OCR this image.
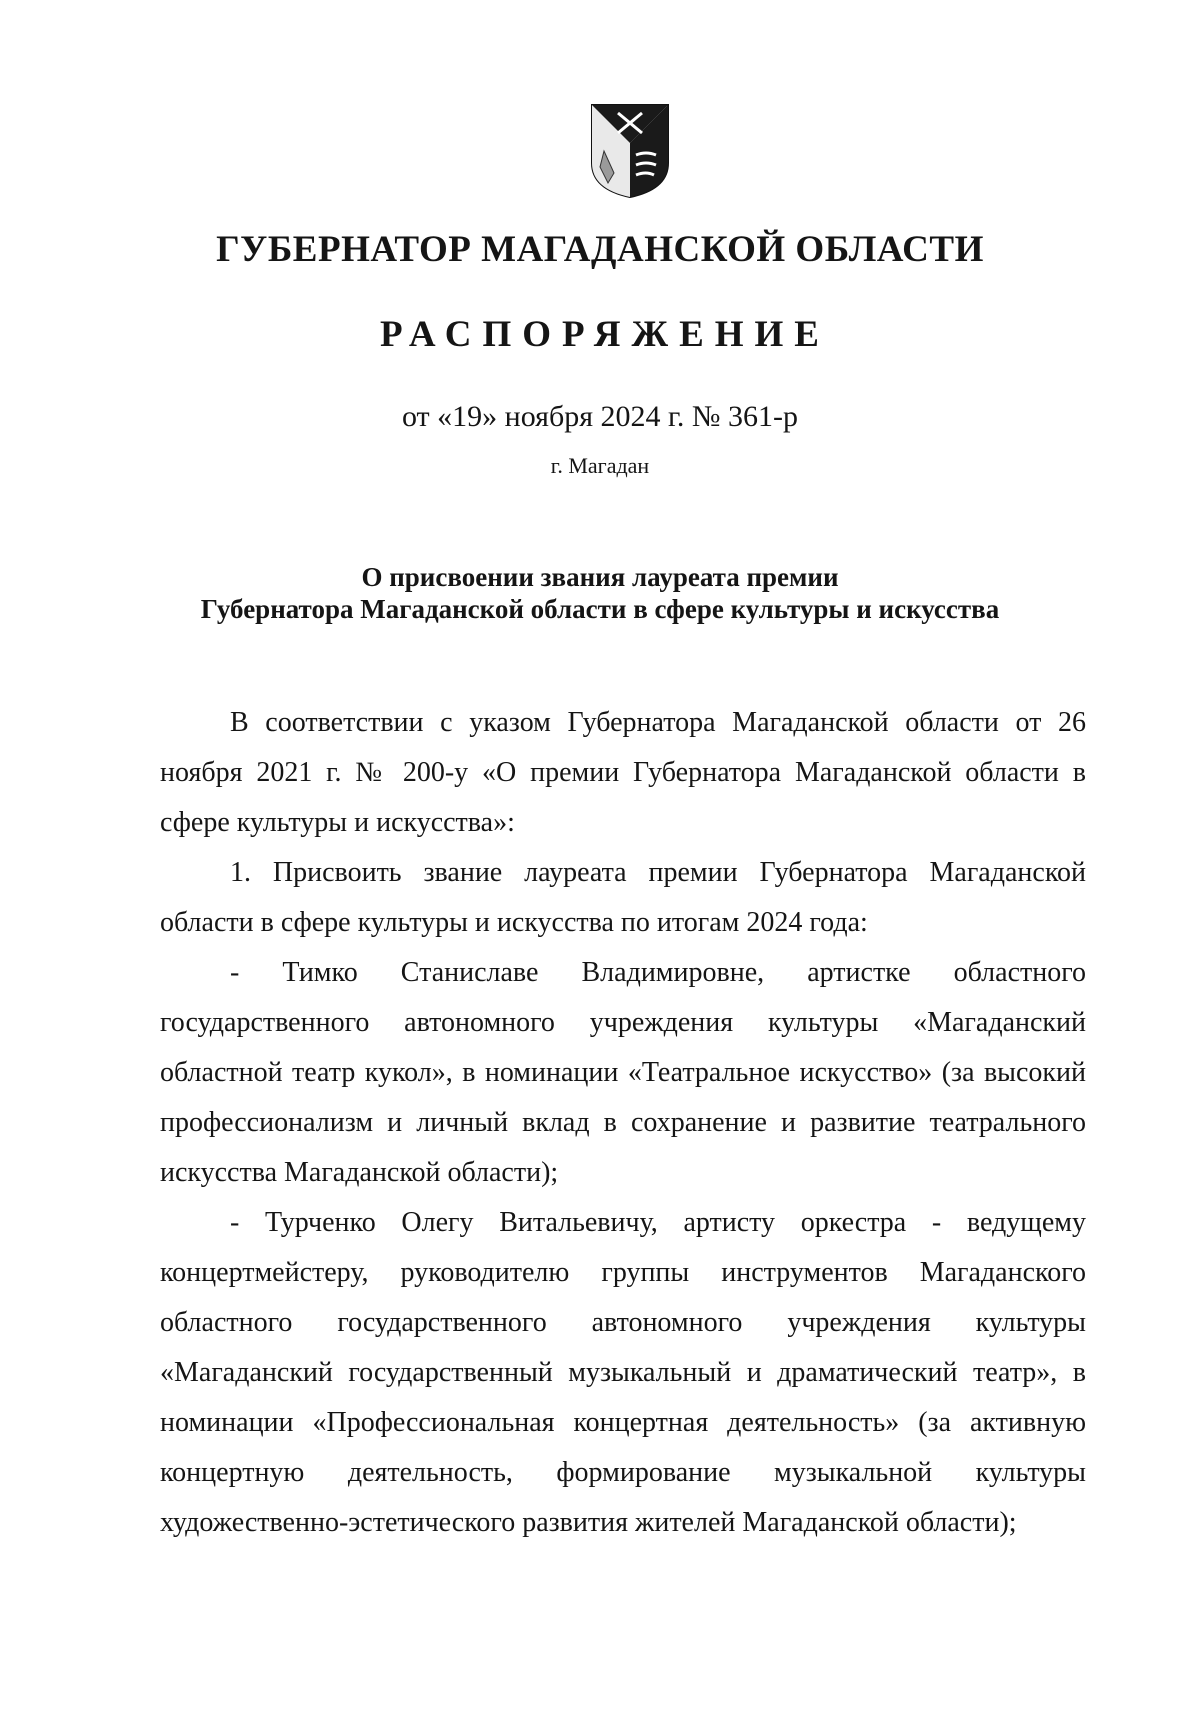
ГУБЕРНАТОР МАГАДАНСКОЙ ОБЛАСТИ
РАСПОРЯЖЕНИЕ
от «19» ноября 2024 г. № 361-р
г. Магадан
О присвоении звания лауреата премии
Губернатора Магаданской области в сфере культуры и искусства

В соответствии с указом Губернатора Магаданской области от 26 ноября 2021 г. № 200-у «О премии Губернатора Магаданской области в сфере культуры и искусства»:

1. Присвоить звание лауреата премии Губернатора Магаданской области в сфере культуры и искусства по итогам 2024 года:

- Тимко Станиславе Владимировне, артистке областного государственного автономного учреждения культуры «Магаданский областной театр кукол», в номинации «Театральное искусство» (за высокий профессионализм и личный вклад в сохранение и развитие театрального искусства Магаданской области);

- Турченко Олегу Витальевичу, артисту оркестра - ведущему концертмейстеру, руководителю группы инструментов Магаданского областного государственного автономного учреждения культуры «Магаданский государственный музыкальный и драматический театр», в номинации «Профессиональная концертная деятельность» (за активную концертную деятельность, формирование музыкальной культуры художественно-эстетического развития жителей Магаданской области);
